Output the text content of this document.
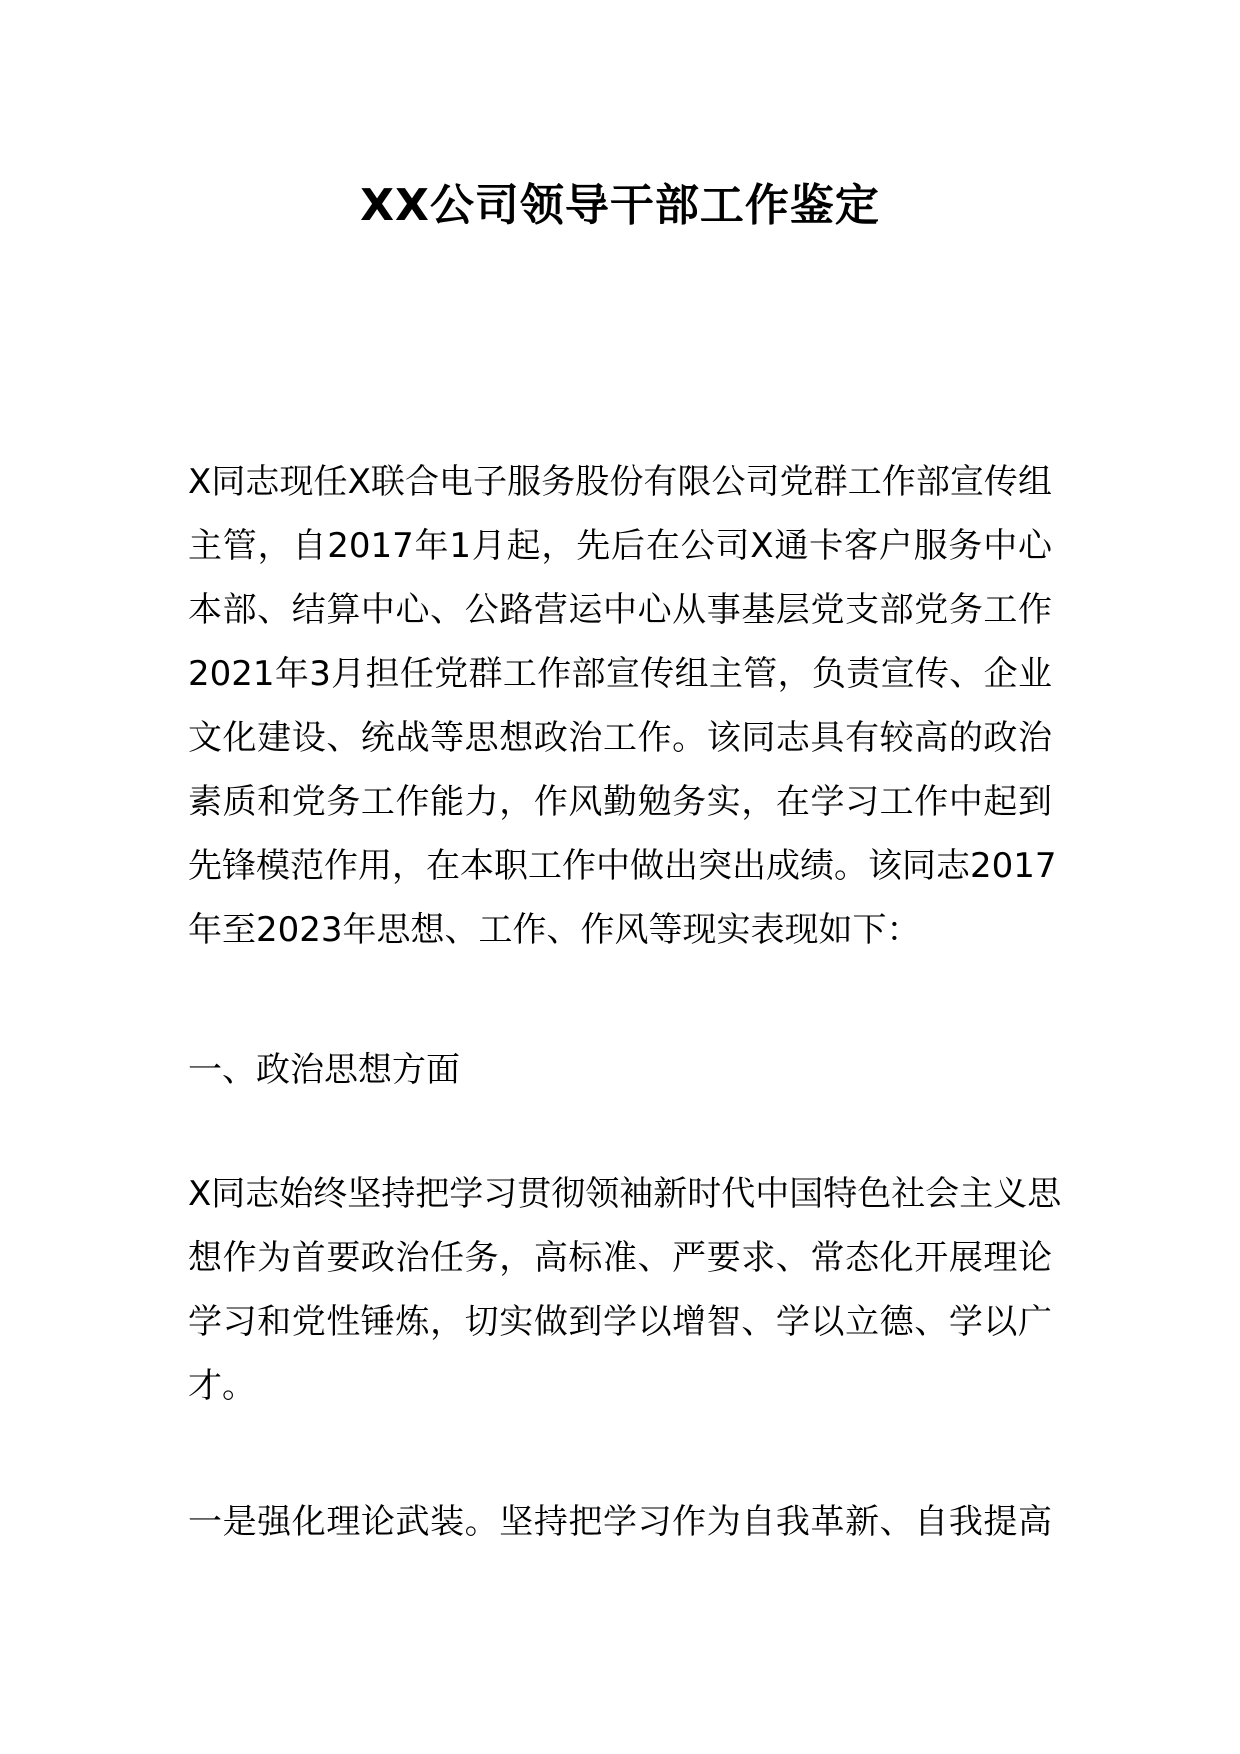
XX公司领导干部工作鉴定
X同志现任X联合电子服务股份有限公司党群工作部宣传组
主管，自2017年1月起，先后在公司X通卡客户服务中心
本部、结算中心、公路营运中心从事基层党支部党务工作
2021年3月担任党群工作部宣传组主管，负责宣传、企业
文化建设、统战等思想政治工作。该同志具有较高的政治
素质和党务工作能力，作风勤勉务实，在学习工作中起到
先锋模范作用，在本职工作中做出突出成绩。该同志2017
年至2023年思想、工作、作风等现实表现如下：
一、政治思想方面
X同志始终坚持把学习贯彻领袖新时代中国特色社会主义思
想作为首要政治任务，高标准、严要求、常态化开展理论
学习和党性锤炼，切实做到学以增智、学以立德、学以广
才。
一是强化理论武装。坚持把学习作为自我革新、自我提高
